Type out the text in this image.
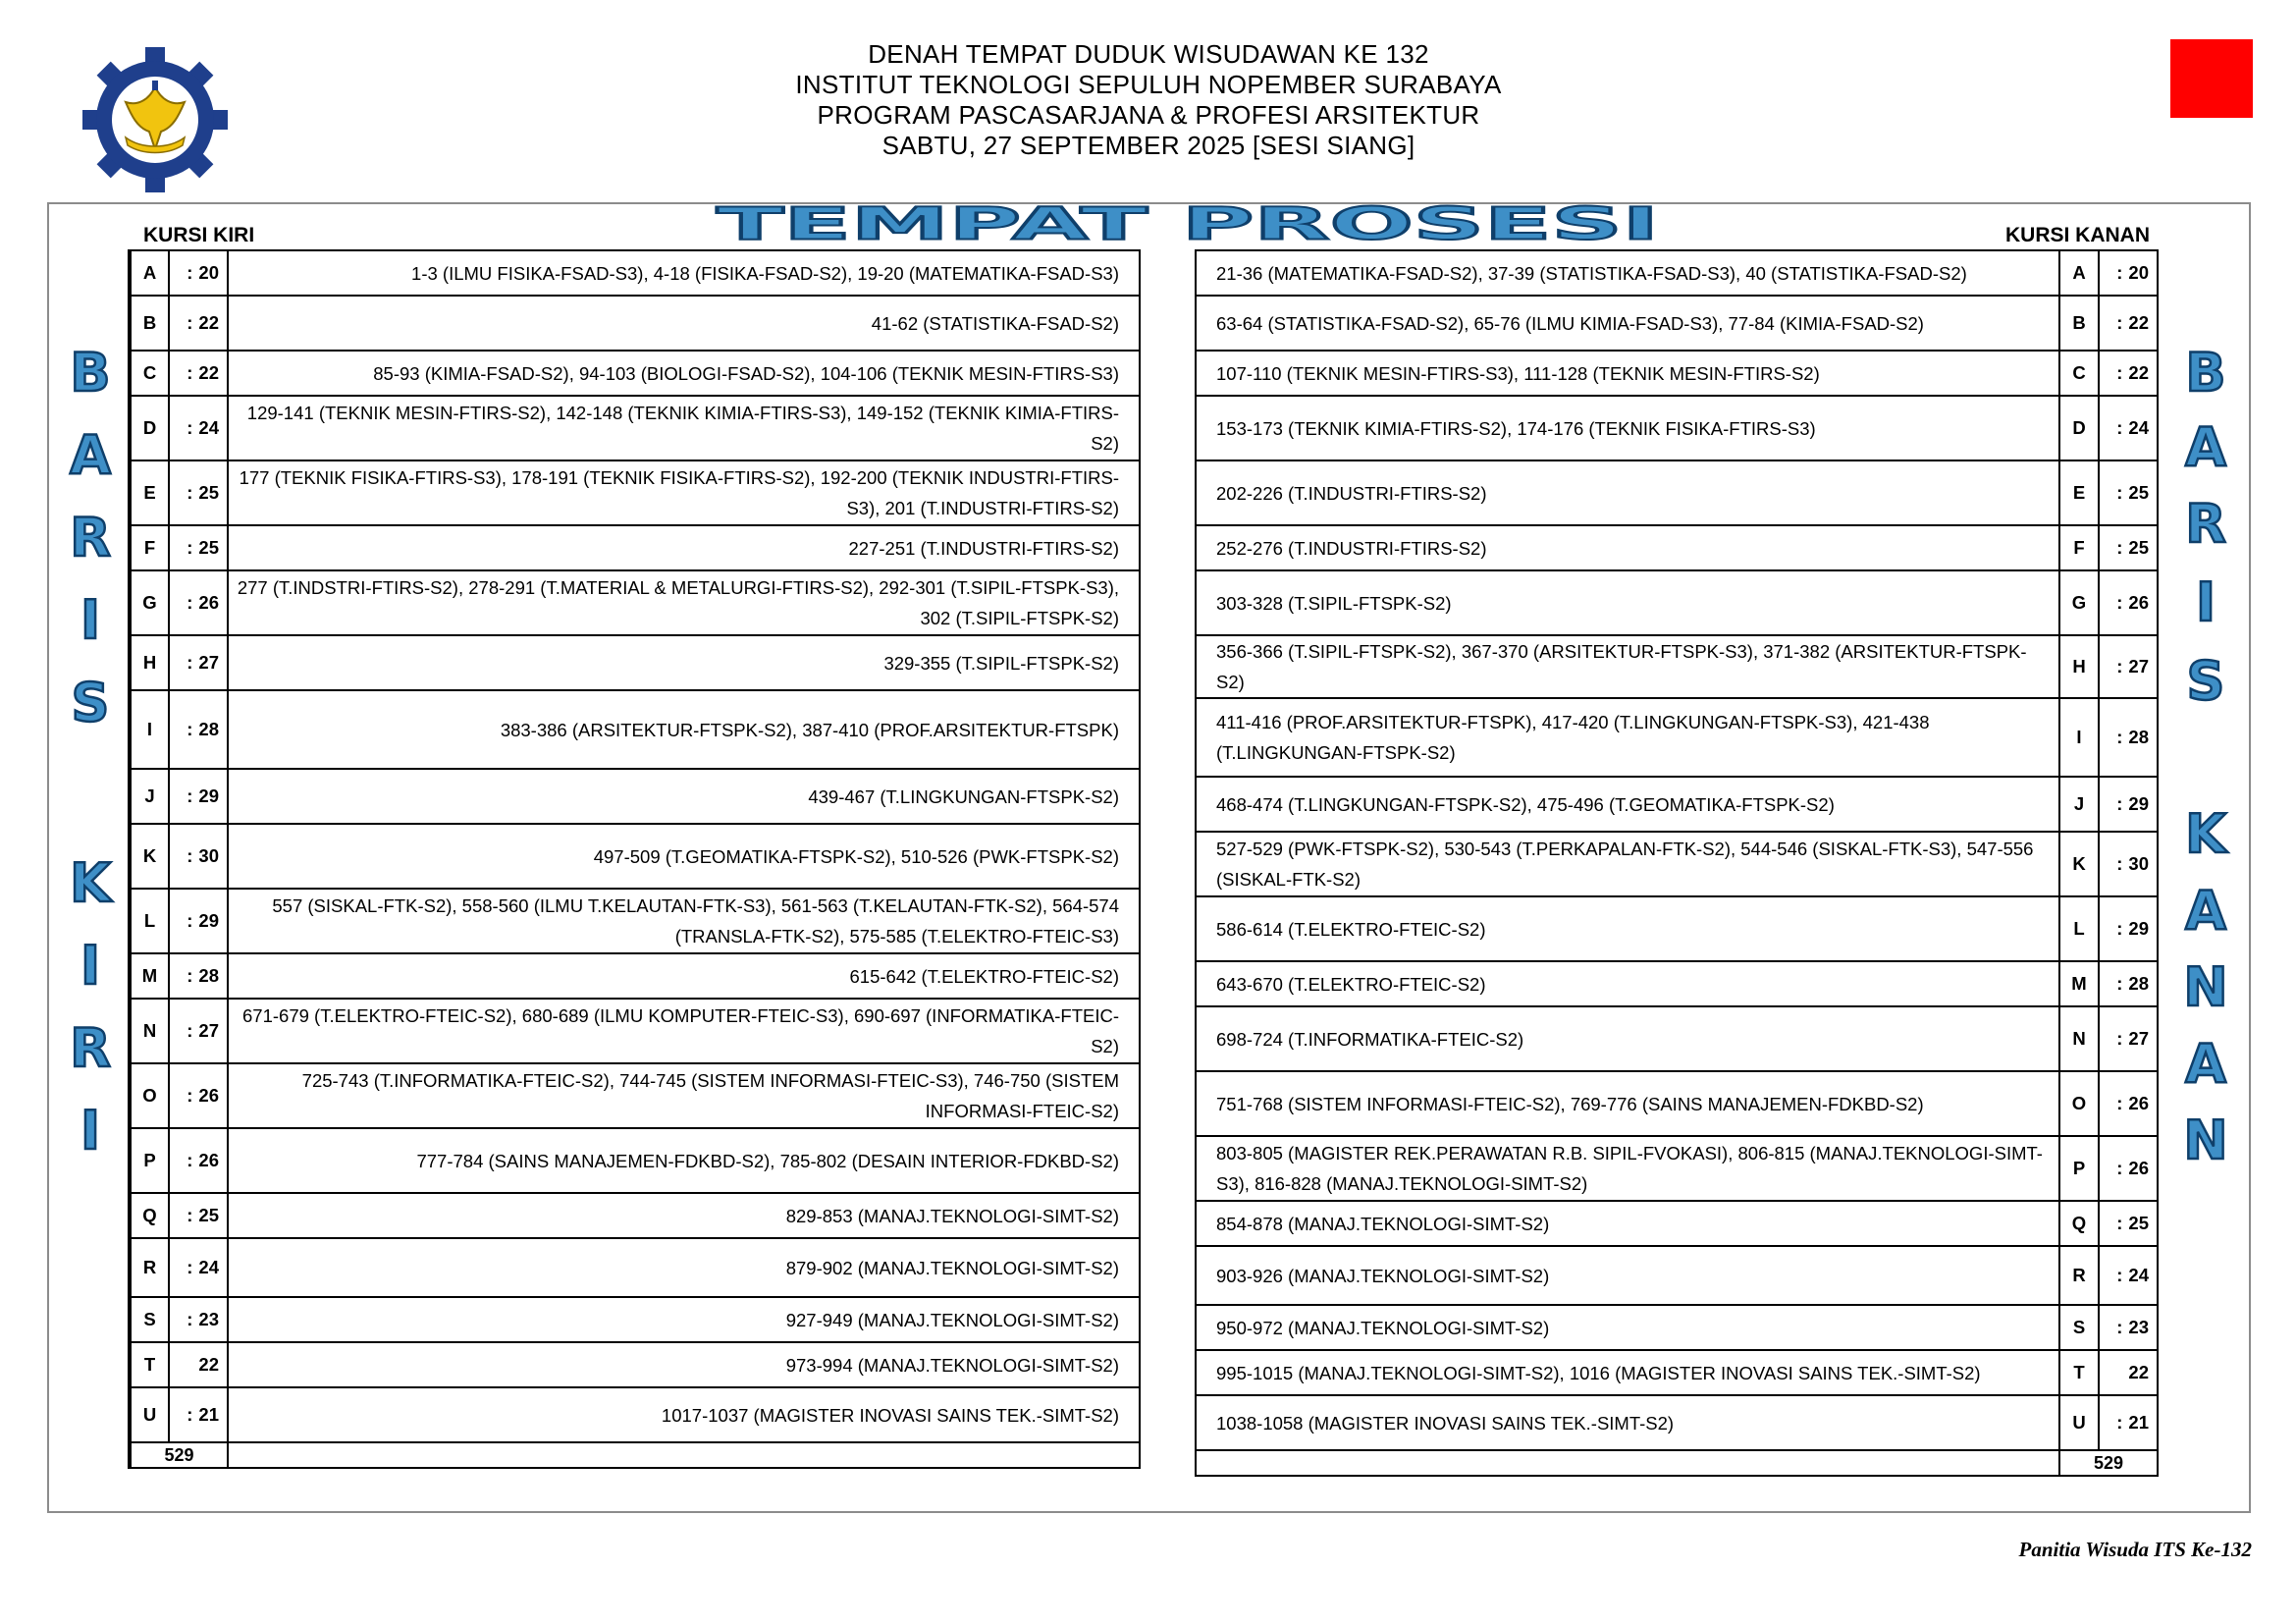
DENAH TEMPAT DUDUK WISUDAWAN KE 132
INSTITUT TEKNOLOGI SEPULUH NOPEMBER SURABAYA
PROGRAM PASCASARJANA & PROFESI ARSITEKTUR
SABTU, 27 SEPTEMBER 2025 [SESI SIANG]
TEMPAT PROSESI
KURSI KIRI	KURSI KANAN
B
A
R
I
S
K
I
R
I
B
A
R
I
S
K
A
N
A
N
A	: 20	1-3 (ILMU FISIKA-FSAD-S3), 4-18 (FISIKA-FSAD-S2), 19-20 (MATEMATIKA-FSAD-S3)
B	: 22	41-62 (STATISTIKA-FSAD-S2)
C	: 22	85-93 (KIMIA-FSAD-S2), 94-103 (BIOLOGI-FSAD-S2), 104-106 (TEKNIK MESIN-FTIRS-S3)
D	: 24	129-141 (TEKNIK MESIN-FTIRS-S2), 142-148 (TEKNIK KIMIA-FTIRS-S3), 149-152 (TEKNIK KIMIA-FTIRS-S2)
E	: 25	177 (TEKNIK FISIKA-FTIRS-S3), 178-191 (TEKNIK FISIKA-FTIRS-S2), 192-200 (TEKNIK INDUSTRI-FTIRS-S3), 201 (T.INDUSTRI-FTIRS-S2)
F	: 25	227-251 (T.INDUSTRI-FTIRS-S2)
G	: 26	277 (T.INDSTRI-FTIRS-S2), 278-291 (T.MATERIAL & METALURGI-FTIRS-S2), 292-301 (T.SIPIL-FTSPK-S3), 302 (T.SIPIL-FTSPK-S2)
H	: 27	329-355 (T.SIPIL-FTSPK-S2)
I	: 28	383-386 (ARSITEKTUR-FTSPK-S2), 387-410 (PROF.ARSITEKTUR-FTSPK)
J	: 29	439-467 (T.LINGKUNGAN-FTSPK-S2)
K	: 30	497-509 (T.GEOMATIKA-FTSPK-S2), 510-526 (PWK-FTSPK-S2)
L	: 29	557 (SISKAL-FTK-S2), 558-560 (ILMU T.KELAUTAN-FTK-S3), 561-563 (T.KELAUTAN-FTK-S2), 564-574 (TRANSLA-FTK-S2), 575-585 (T.ELEKTRO-FTEIC-S3)
M	: 28	615-642 (T.ELEKTRO-FTEIC-S2)
N	: 27	671-679 (T.ELEKTRO-FTEIC-S2), 680-689 (ILMU KOMPUTER-FTEIC-S3), 690-697 (INFORMATIKA-FTEIC-S2)
O	: 26	725-743 (T.INFORMATIKA-FTEIC-S2), 744-745 (SISTEM INFORMASI-FTEIC-S3), 746-750 (SISTEM INFORMASI-FTEIC-S2)
P	: 26	777-784 (SAINS MANAJEMEN-FDKBD-S2), 785-802 (DESAIN INTERIOR-FDKBD-S2)
Q	: 25	829-853 (MANAJ.TEKNOLOGI-SIMT-S2)
R	: 24	879-902 (MANAJ.TEKNOLOGI-SIMT-S2)
S	: 23	927-949 (MANAJ.TEKNOLOGI-SIMT-S2)
T	22	973-994 (MANAJ.TEKNOLOGI-SIMT-S2)
U	: 21	1017-1037 (MAGISTER INOVASI SAINS TEK.-SIMT-S2)
529		
21-36 (MATEMATIKA-FSAD-S2), 37-39 (STATISTIKA-FSAD-S3), 40 (STATISTIKA-FSAD-S2)	A	: 20
63-64 (STATISTIKA-FSAD-S2), 65-76 (ILMU KIMIA-FSAD-S3), 77-84 (KIMIA-FSAD-S2)	B	: 22
107-110 (TEKNIK MESIN-FTIRS-S3), 111-128 (TEKNIK MESIN-FTIRS-S2)	C	: 22
153-173 (TEKNIK KIMIA-FTIRS-S2), 174-176 (TEKNIK FISIKA-FTIRS-S3)	D	: 24
202-226 (T.INDUSTRI-FTIRS-S2)	E	: 25
252-276 (T.INDUSTRI-FTIRS-S2)	F	: 25
303-328 (T.SIPIL-FTSPK-S2)	G	: 26
356-366 (T.SIPIL-FTSPK-S2), 367-370 (ARSITEKTUR-FTSPK-S3), 371-382 (ARSITEKTUR-FTSPK-S2)	H	: 27
411-416 (PROF.ARSITEKTUR-FTSPK), 417-420 (T.LINGKUNGAN-FTSPK-S3), 421-438 (T.LINGKUNGAN-FTSPK-S2)	I	: 28
468-474 (T.LINGKUNGAN-FTSPK-S2), 475-496 (T.GEOMATIKA-FTSPK-S2)	J	: 29
527-529 (PWK-FTSPK-S2), 530-543 (T.PERKAPALAN-FTK-S2), 544-546 (SISKAL-FTK-S3), 547-556 (SISKAL-FTK-S2)	K	: 30
586-614 (T.ELEKTRO-FTEIC-S2)	L	: 29
643-670 (T.ELEKTRO-FTEIC-S2)	M	: 28
698-724 (T.INFORMATIKA-FTEIC-S2)	N	: 27
751-768 (SISTEM INFORMASI-FTEIC-S2), 769-776 (SAINS MANAJEMEN-FDKBD-S2)	O	: 26
803-805 (MAGISTER REK.PERAWATAN R.B. SIPIL-FVOKASI), 806-815 (MANAJ.TEKNOLOGI-SIMT-S3), 816-828 (MANAJ.TEKNOLOGI-SIMT-S2)	P	: 26
854-878 (MANAJ.TEKNOLOGI-SIMT-S2)	Q	: 25
903-926 (MANAJ.TEKNOLOGI-SIMT-S2)	R	: 24
950-972 (MANAJ.TEKNOLOGI-SIMT-S2)	S	: 23
995-1015 (MANAJ.TEKNOLOGI-SIMT-S2), 1016 (MAGISTER INOVASI SAINS TEK.-SIMT-S2)	T	22
1038-1058 (MAGISTER INOVASI SAINS TEK.-SIMT-S2)	U	: 21
	529	
Panitia Wisuda ITS Ke-132
